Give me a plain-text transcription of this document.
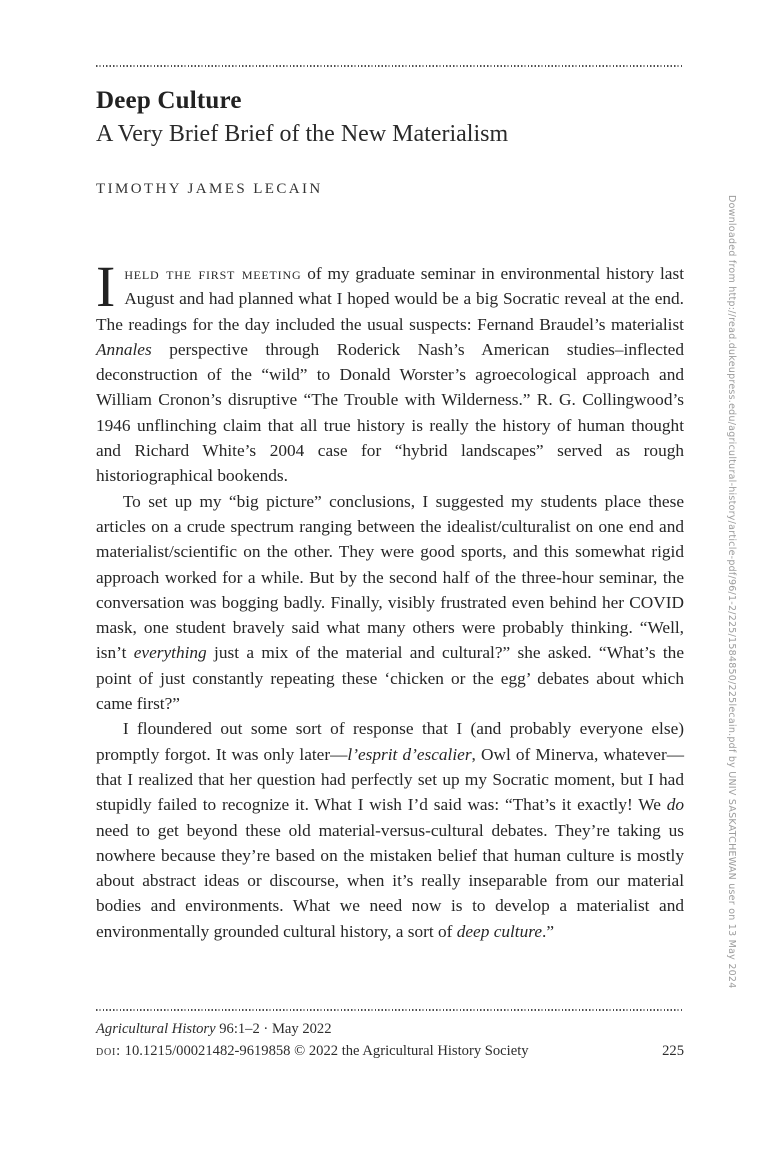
Deep Culture
A Very Brief Brief of the New Materialism
TIMOTHY JAMES LECAIN

Iheld the first meeting of my graduate seminar in environmental history last August and had planned what I hoped would be a big Socratic reveal at the end. The readings for the day included the usual suspects: Fernand Braudel’s materialist Annales perspective through Roderick Nash’s American studies–inflected deconstruction of the “wild” to Donald Worster’s agroecological approach and William Cronon’s disruptive “The Trouble with Wilderness.” R. G. Collingwood’s 1946 unflinching claim that all true history is really the history of human thought and Richard White’s 2004 case for “hybrid landscapes” served as rough historiographical bookends.

To set up my “big picture” conclusions, I suggested my students place these articles on a crude spectrum ranging between the idealist/culturalist on one end and materialist/scientific on the other. They were good sports, and this somewhat rigid approach worked for a while. But by the second half of the three-hour seminar, the conversation was bogging badly. Finally, visibly frustrated even behind her COVID mask, one student bravely said what many others were probably thinking. “Well, isn’t everything just a mix of the material and cultural?” she asked. “What’s the point of just constantly repeating these ‘chicken or the egg’ debates about which came first?”

I floundered out some sort of response that I (and probably everyone else) promptly forgot. It was only later—l’esprit d’escalier, Owl of Minerva, whatever—that I realized that her question had perfectly set up my Socratic moment, but I had stupidly failed to recognize it. What I wish I’d said was: “That’s it exactly! We do need to get beyond these old material-versus-cultural debates. They’re taking us nowhere because they’re based on the mistaken belief that human culture is mostly about abstract ideas or discourse, when it’s really inseparable from our material bodies and environments. What we need now is to develop a materialist and environmentally grounded cultural history, a sort of deep culture.”

Agricultural History 96:1–2 · May 2022
doi: 10.1215/00021482-9619858 © 2022 the Agricultural History Society	225
Downloaded from http://read.dukeupress.edu/agricultural-history/article-pdf/96/1-2/225/1584850/225lecain.pdf by UNIV SASKATCHEWAN user on 13 May 2024
